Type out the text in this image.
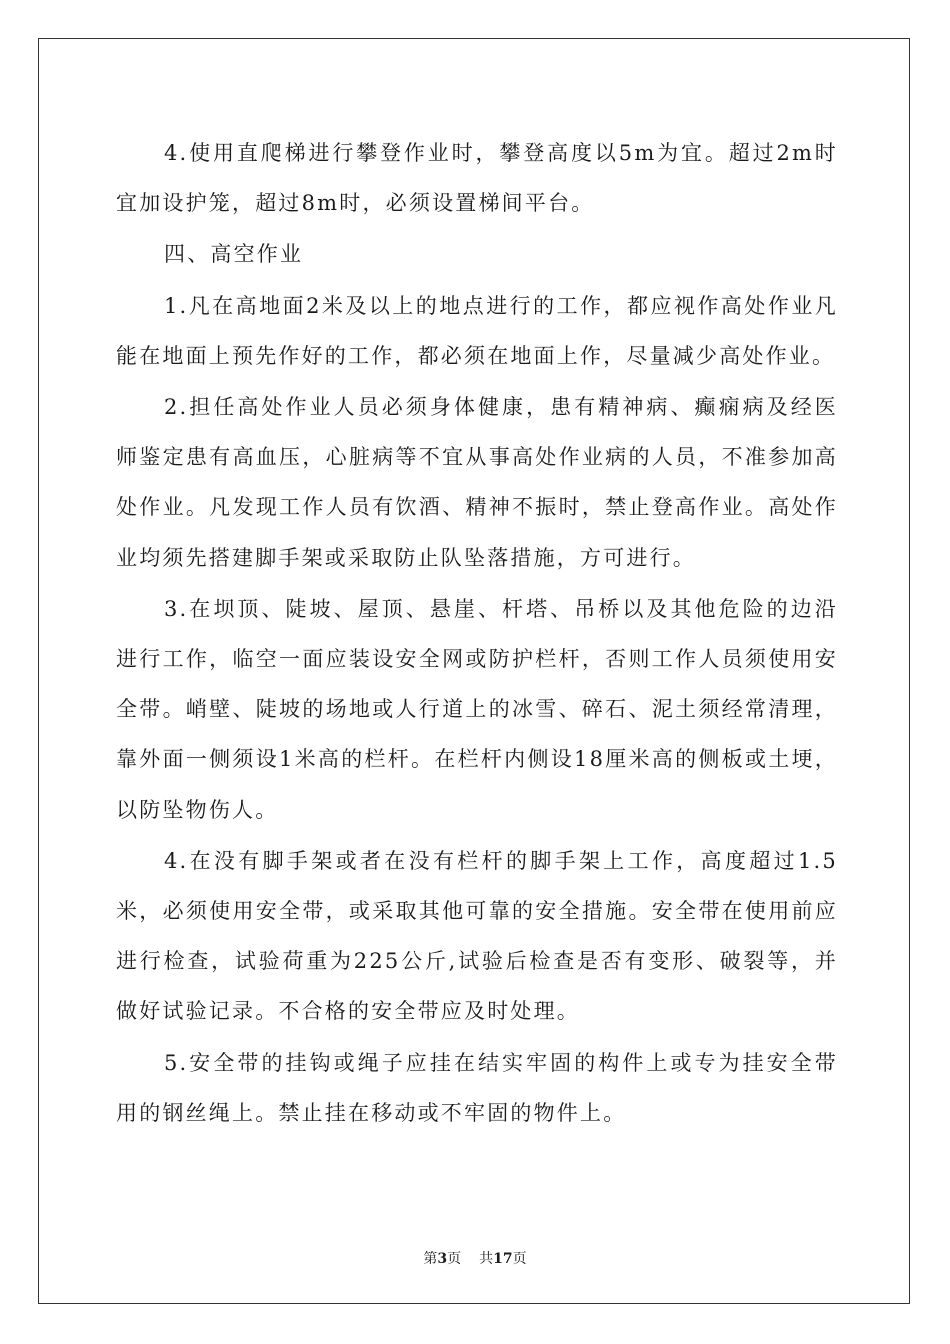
4.使用直爬梯进行攀登作业时，攀登高度以5m为宜。超过2m时宜加设护笼，超过8m时，必须设置梯间平台。

四、高空作业

1.凡在高地面2米及以上的地点进行的工作，都应视作高处作业凡能在地面上预先作好的工作，都必须在地面上作，尽量减少高处作业。

2.担任高处作业人员必须身体健康，患有精神病、癫痫病及经医师鉴定患有高血压，心脏病等不宜从事高处作业病的人员，不准参加高处作业。凡发现工作人员有饮酒、精神不振时，禁止登高作业。高处作业均须先搭建脚手架或采取防止队坠落措施，方可进行。

3.在坝顶、陡坡、屋顶、悬崖、杆塔、吊桥以及其他危险的边沿进行工作，临空一面应装设安全网或防护栏杆，否则工作人员须使用安全带。峭壁、陡坡的场地或人行道上的冰雪、碎石、泥土须经常清理，靠外面一侧须设1米高的栏杆。在栏杆内侧设18厘米高的侧板或土埂，以防坠物伤人。

4.在没有脚手架或者在没有栏杆的脚手架上工作，高度超过1.5米，必须使用安全带，或采取其他可靠的安全措施。安全带在使用前应进行检查，试验荷重为225公斤,试验后检查是否有变形、破裂等，并做好试验记录。不合格的安全带应及时处理。

5.安全带的挂钩或绳子应挂在结实牢固的构件上或专为挂安全带用的钢丝绳上。禁止挂在移动或不牢固的物件上。

第3页 共17页
